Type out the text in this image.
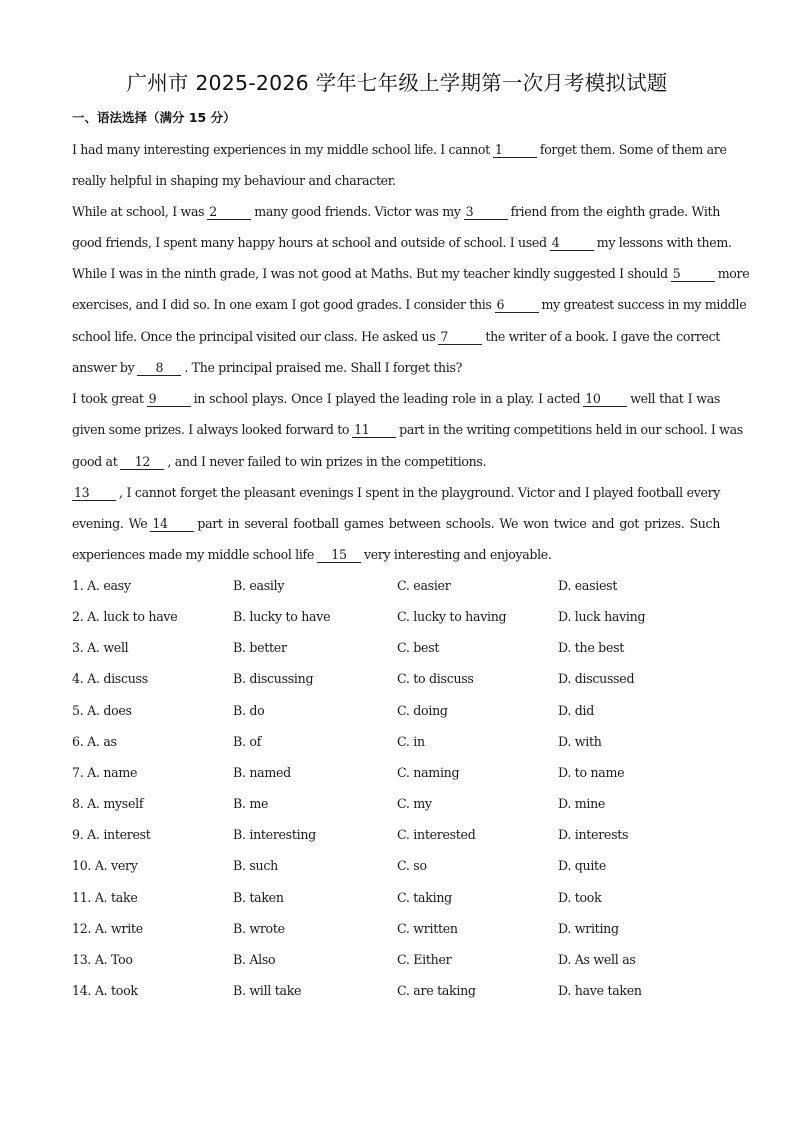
广州市 2025-2026 学年七年级上学期第一次月考模拟试题
一、语法选择（满分 15 分）
I had many interesting experiences in my middle school life. I cannot 1	forget them. Some of them are
really helpful in shaping my behaviour and character.
While at school, I was 2	many good friends. Victor was my 3	friend from the eighth grade. With
good friends, I spent many happy hours at school and outside of school. I used 4	my lessons with them.
While I was in the ninth grade, I was not good at Maths. But my teacher kindly suggested I should 5	more
exercises, and I did so. In one exam I got good grades. I consider this 6	my greatest success in my middle
school life. Once the principal visited our class. He asked us 7	the writer of a book. I gave the correct
answer by 8 . The principal praised me. Shall I forget this?
I took great 9	in school plays. Once I played the leading role in a play. I acted 10 well that I was
given some prizes. I always looked forward to 11 part in the writing competitions held in our school. I was
good at 12 , and I never failed to win prizes in the competitions.
13 , I cannot forget the pleasant evenings I spent in the playground. Victor and I played football every
evening. We 14 part in several football games between schools. We won twice and got prizes. Such
experiences made my middle school life 15 very interesting and enjoyable.
1. A. easy	B. easily	C. easier	D. easiest
2. A. luck to have	B. lucky to have	C. lucky to having	D. luck having
3. A. well	B. better	C. best	D. the best
4. A. discuss	B. discussing	C. to discuss	D. discussed
5. A. does	B. do	C. doing	D. did
6. A. as	B. of	C. in	D. with
7. A. name	B. named	C. naming	D. to name
8. A. myself	B. me	C. my	D. mine
9. A. interest	B. interesting	C. interested	D. interests
10. A. very	B. such	C. so	D. quite
11. A. take	B. taken	C. taking	D. took
12. A. write	B. wrote	C. written	D. writing
13. A. Too	B. Also	C. Either	D. As well as
14. A. took	B. will take	C. are taking	D. have taken
